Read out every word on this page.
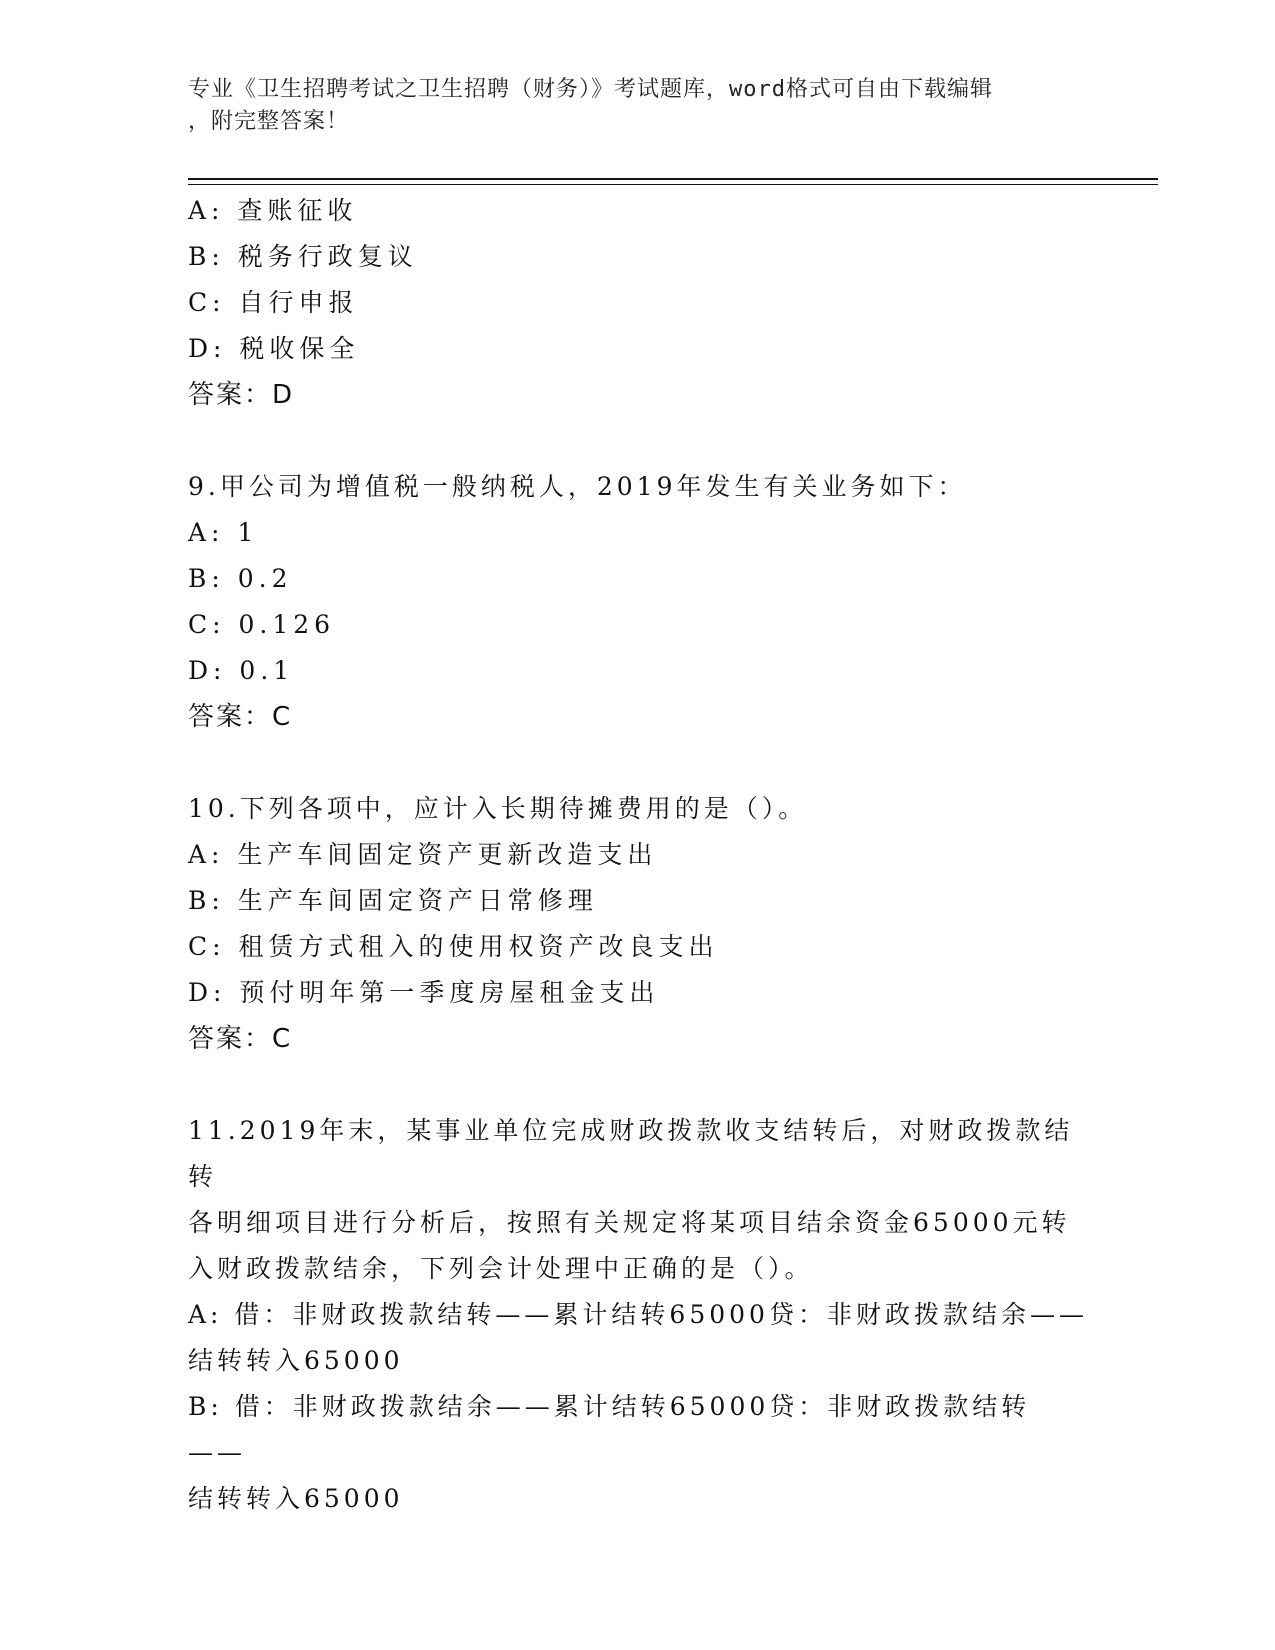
专业《卫生招聘考试之卫生招聘（财务）》考试题库，word格式可自由下载编辑
，附完整答案！

A: 查账征收

B: 税务行政复议

C: 自行申报

D: 税收保全

答案：D

9.甲公司为增值税一般纳税人，2019年发生有关业务如下：

A: 1

B: 0.2

C: 0.126

D: 0.1

答案：C

10.下列各项中，应计入长期待摊费用的是（）。

A: 生产车间固定资产更新改造支出

B: 生产车间固定资产日常修理

C: 租赁方式租入的使用权资产改良支出

D: 预付明年第一季度房屋租金支出

答案：C

11.2019年末，某事业单位完成财政拨款收支结转后，对财政拨款结转

各明细项目进行分析后，按照有关规定将某项目结余资金65000元转

入财政拨款结余，下列会计处理中正确的是（）。

A: 借：非财政拨款结转——累计结转65000贷：非财政拨款结余——

结转转入65000

B: 借：非财政拨款结余——累计结转65000贷：非财政拨款结转——

结转转入65000
